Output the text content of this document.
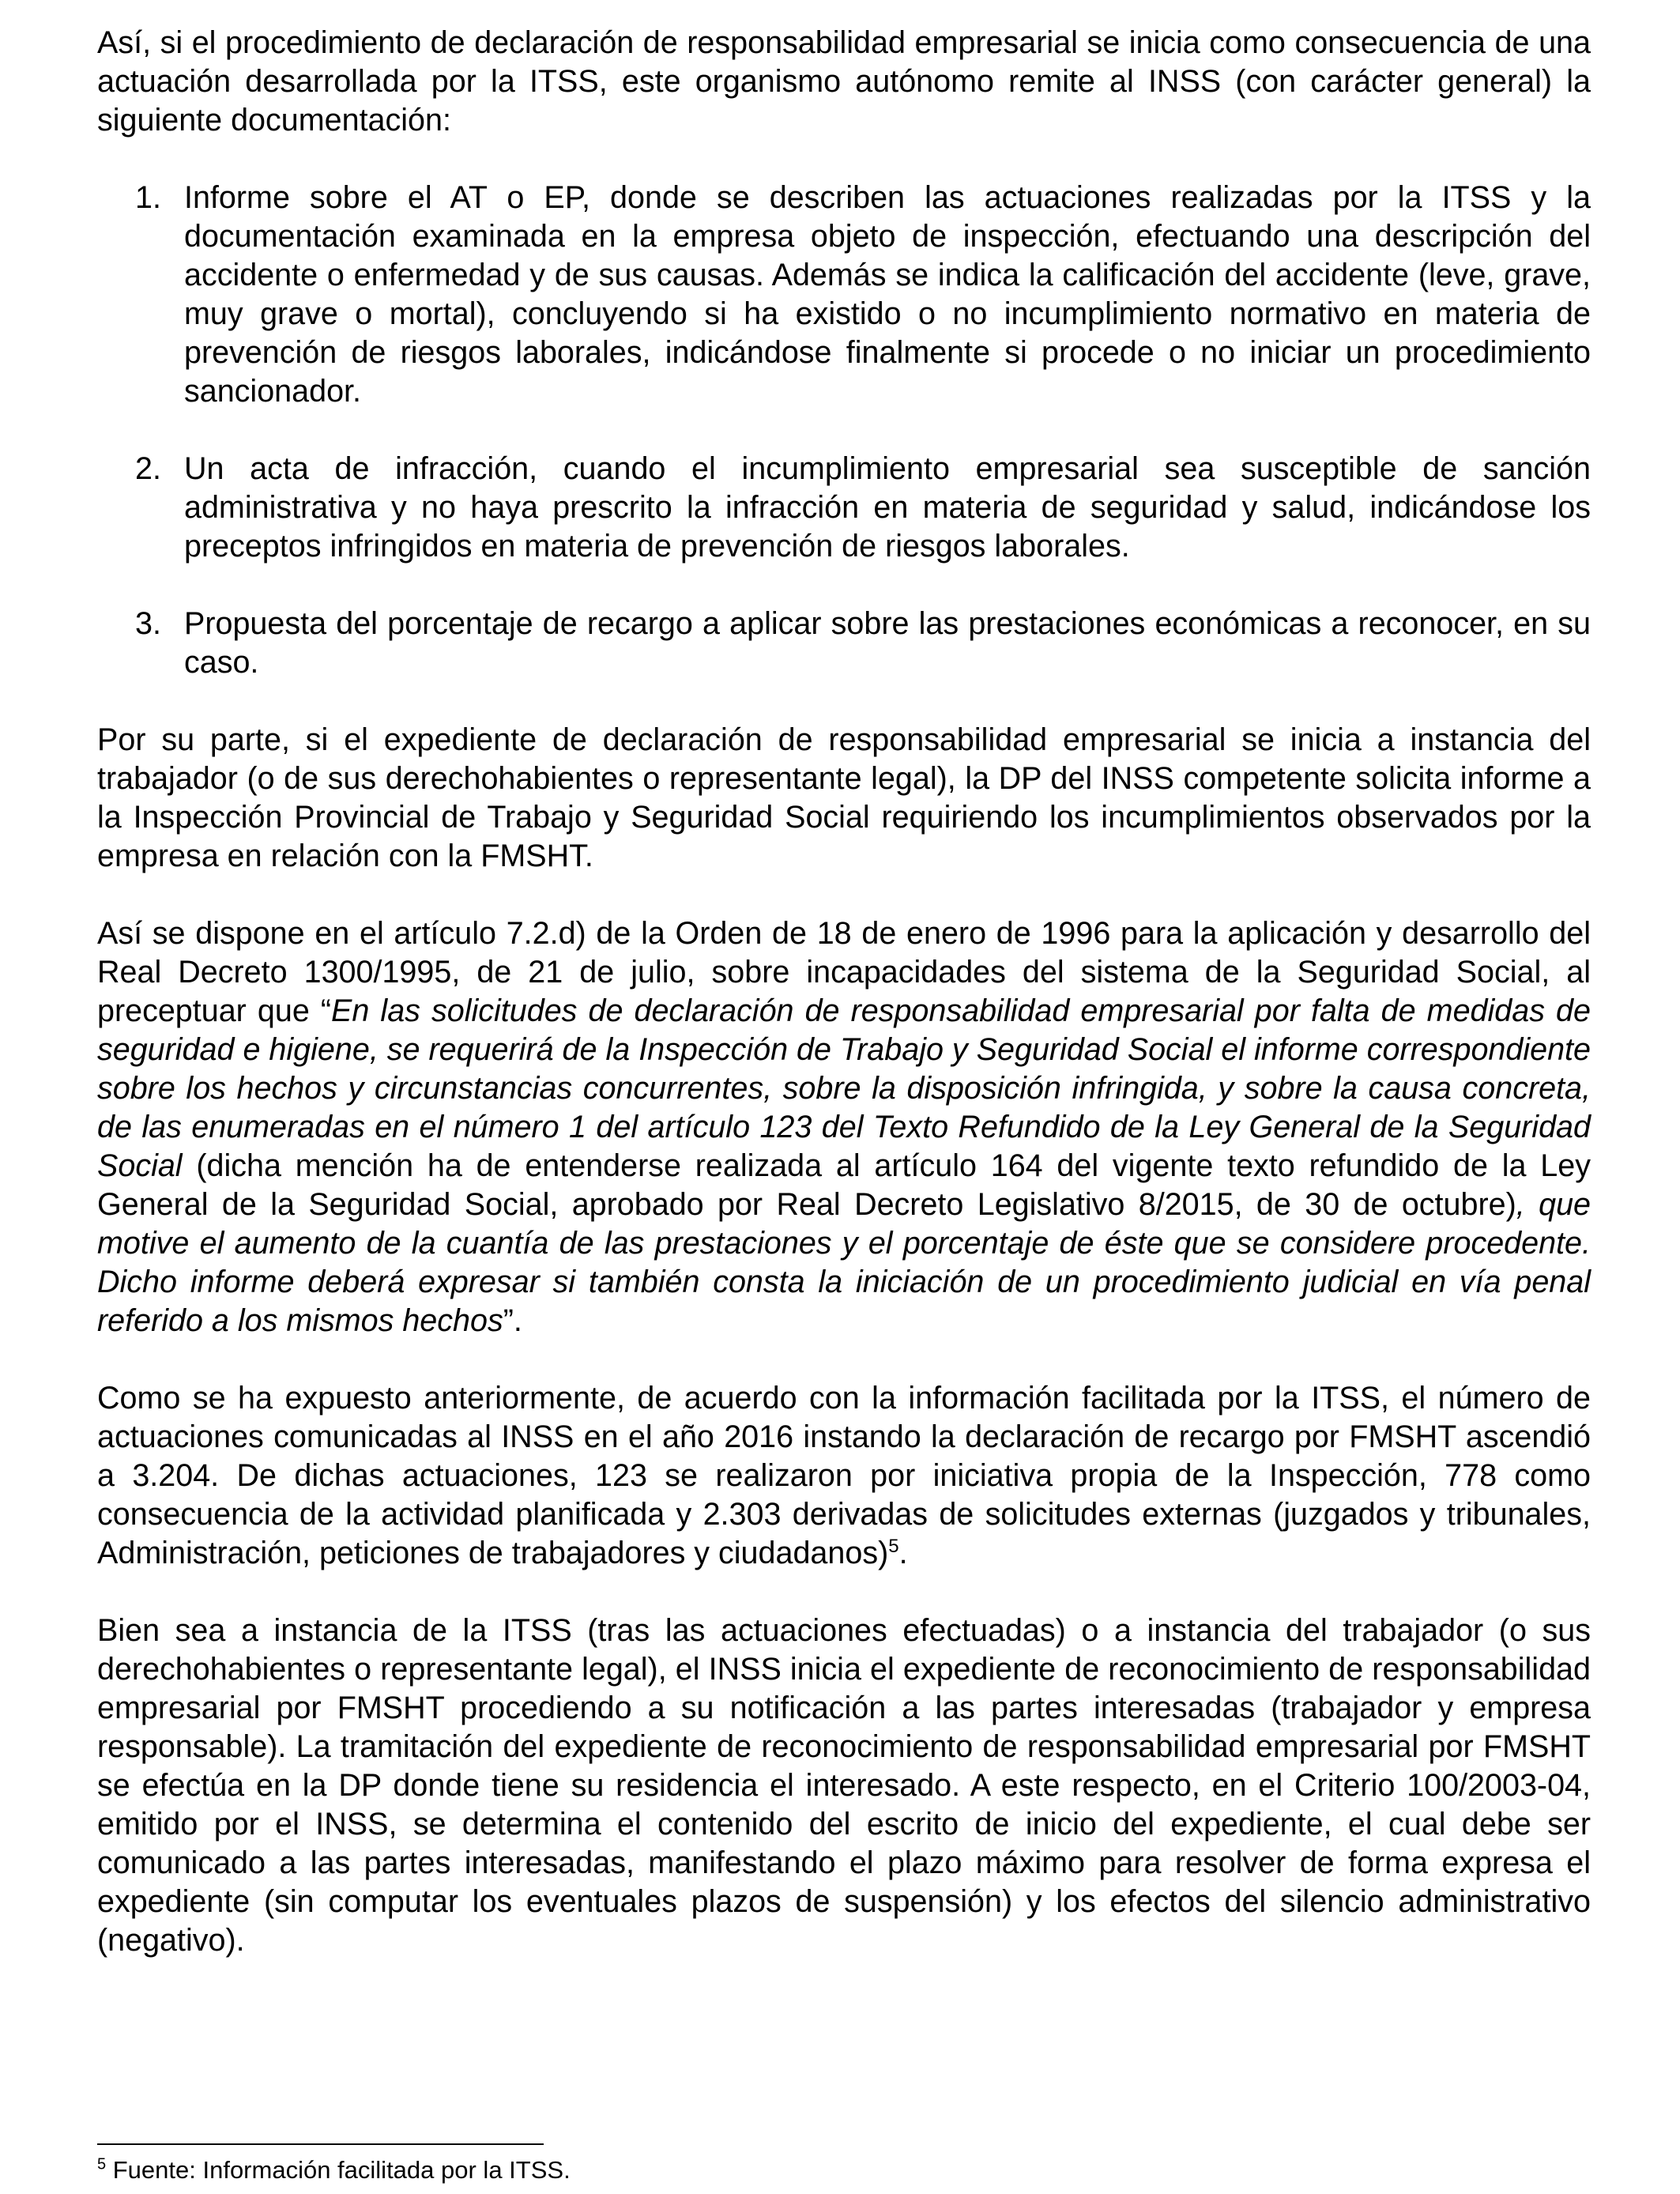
Así, si el procedimiento de declaración de responsabilidad empresarial se inicia como consecuencia de una actuación desarrollada por la ITSS, este organismo autónomo remite al INSS (con carácter general) la siguiente documentación:

1. Informe sobre el AT o EP, donde se describen las actuaciones realizadas por la ITSS y la documentación examinada en la empresa objeto de inspección, efectuando una descripción del accidente o enfermedad y de sus causas. Además se indica la calificación del accidente (leve, grave, muy grave o mortal), concluyendo si ha existido o no incumplimiento normativo en materia de prevención de riesgos laborales, indicándose finalmente si procede o no iniciar un procedimiento sancionador.
2. Un acta de infracción, cuando el incumplimiento empresarial sea susceptible de sanción administrativa y no haya prescrito la infracción en materia de seguridad y salud, indicándose los preceptos infringidos en materia de prevención de riesgos laborales.
3. Propuesta del porcentaje de recargo a aplicar sobre las prestaciones económicas a reconocer, en su caso.

Por su parte, si el expediente de declaración de responsabilidad empresarial se inicia a instancia del trabajador (o de sus derechohabientes o representante legal), la DP del INSS competente solicita informe a la Inspección Provincial de Trabajo y Seguridad Social requiriendo los incumplimientos observados por la empresa en relación con la FMSHT.

Así se dispone en el artículo 7.2.d) de la Orden de 18 de enero de 1996 para la aplicación y desarrollo del Real Decreto 1300/1995, de 21 de julio, sobre incapacidades del sistema de la Seguridad Social, al preceptuar que “En las solicitudes de declaración de responsabilidad empresarial por falta de medidas de seguridad e higiene, se requerirá de la Inspección de Trabajo y Seguridad Social el informe correspondiente sobre los hechos y circunstancias concurrentes, sobre la disposición infringida, y sobre la causa concreta, de las enumeradas en el número 1 del artículo 123 del Texto Refundido de la Ley General de la Seguridad Social (dicha mención ha de entenderse realizada al artículo 164 del vigente texto refundido de la Ley General de la Seguridad Social, aprobado por Real Decreto Legislativo 8/2015, de 30 de octubre), que motive el aumento de la cuantía de las prestaciones y el porcentaje de éste que se considere procedente. Dicho informe deberá expresar si también consta la iniciación de un procedimiento judicial en vía penal referido a los mismos hechos”.

Como se ha expuesto anteriormente, de acuerdo con la información facilitada por la ITSS, el número de actuaciones comunicadas al INSS en el año 2016 instando la declaración de recargo por FMSHT ascendió a 3.204. De dichas actuaciones, 123 se realizaron por iniciativa propia de la Inspección, 778 como consecuencia de la actividad planificada y 2.303 derivadas de solicitudes externas (juzgados y tribunales, Administración, peticiones de trabajadores y ciudadanos)$^5$.

Bien sea a instancia de la ITSS (tras las actuaciones efectuadas) o a instancia del trabajador (o sus derechohabientes o representante legal), el INSS inicia el expediente de reconocimiento de responsabilidad empresarial por FMSHT procediendo a su notificación a las partes interesadas (trabajador y empresa responsable). La tramitación del expediente de reconocimiento de responsabilidad empresarial por FMSHT se efectúa en la DP donde tiene su residencia el interesado. A este respecto, en el Criterio 100/2003-04, emitido por el INSS, se determina el contenido del escrito de inicio del expediente, el cual debe ser comunicado a las partes interesadas, manifestando el plazo máximo para resolver de forma expresa el expediente (sin computar los eventuales plazos de suspensión) y los efectos del silencio administrativo (negativo).

$^5$ Fuente: Información facilitada por la ITSS.
